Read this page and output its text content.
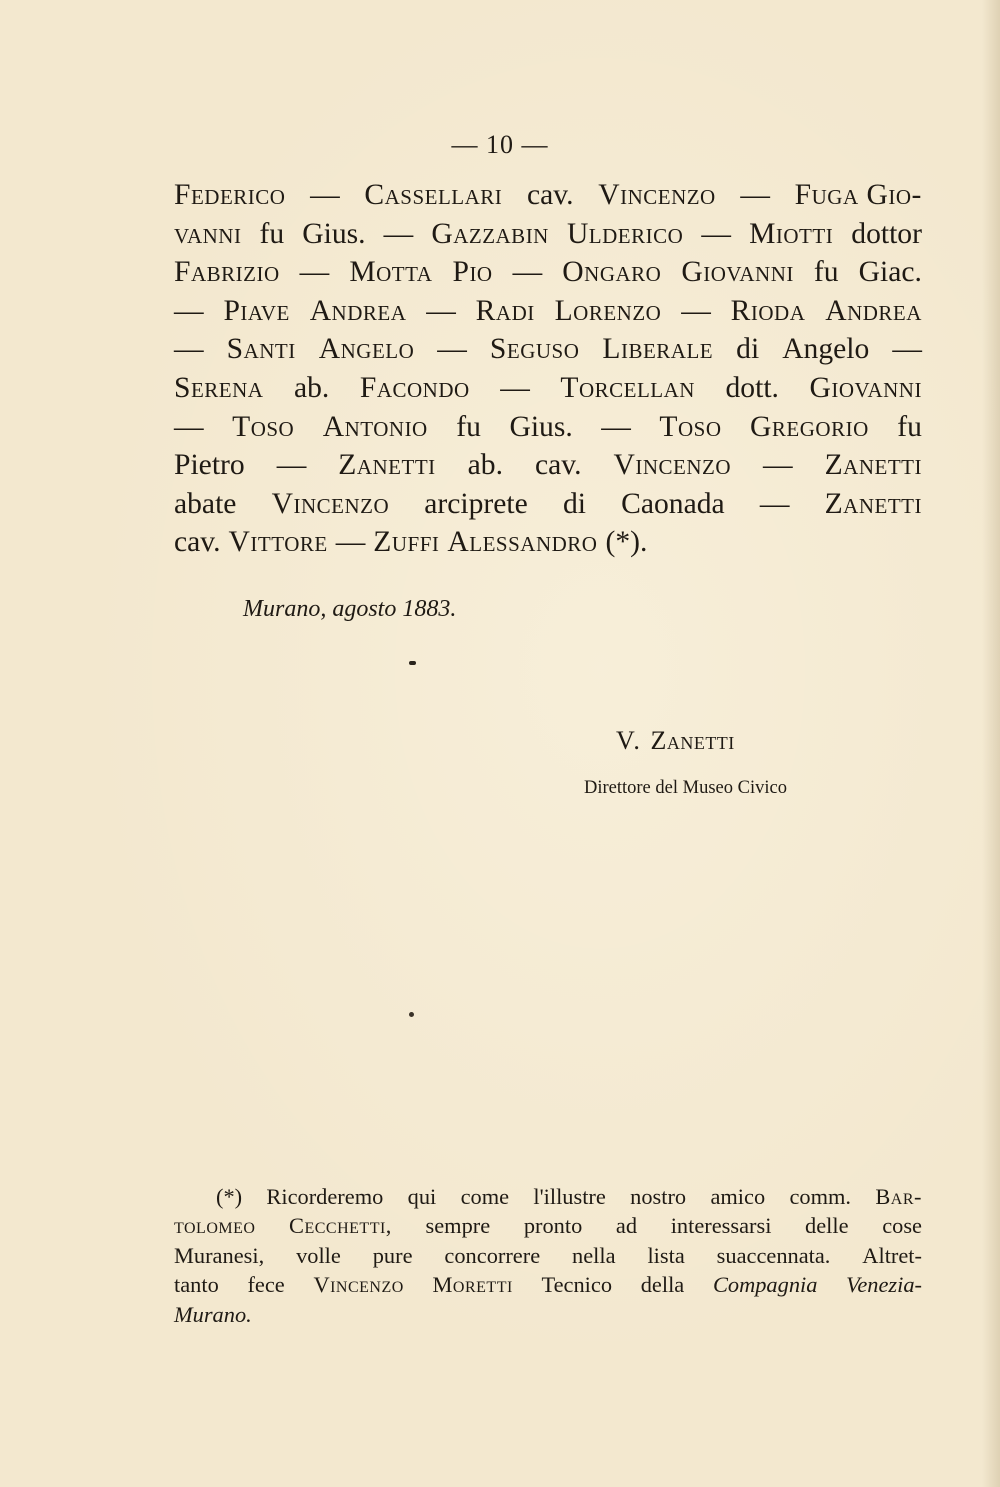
— 10 —
Federico — Cassellari cav. Vincenzo — Fuga Gio-
vanni fu Gius. — Gazzabin Ulderico — Miotti dottor
Fabrizio — Motta Pio — Ongaro Giovanni fu Giac.
— Piave Andrea — Radi Lorenzo — Rioda Andrea
— Santi Angelo — Seguso Liberale di Angelo —
Serena ab. Facondo — Torcellan dott. Giovanni
— Toso Antonio fu Gius. — Toso Gregorio fu
Pietro — Zanetti ab. cav. Vincenzo — Zanetti
abate Vincenzo arciprete di Caonada — Zanetti
cav. Vittore — Zuffi Alessandro (*).
Murano, agosto 1883.
V. Zanetti
Direttore del Museo Civico
(*) Ricorderemo qui come l'illustre nostro amico comm. Bar-
tolomeo Cecchetti, sempre pronto ad interessarsi delle cose
Muranesi, volle pure concorrere nella lista suaccennata. Altret-
tanto fece Vincenzo Moretti Tecnico della Compagnia Venezia-
Murano.
